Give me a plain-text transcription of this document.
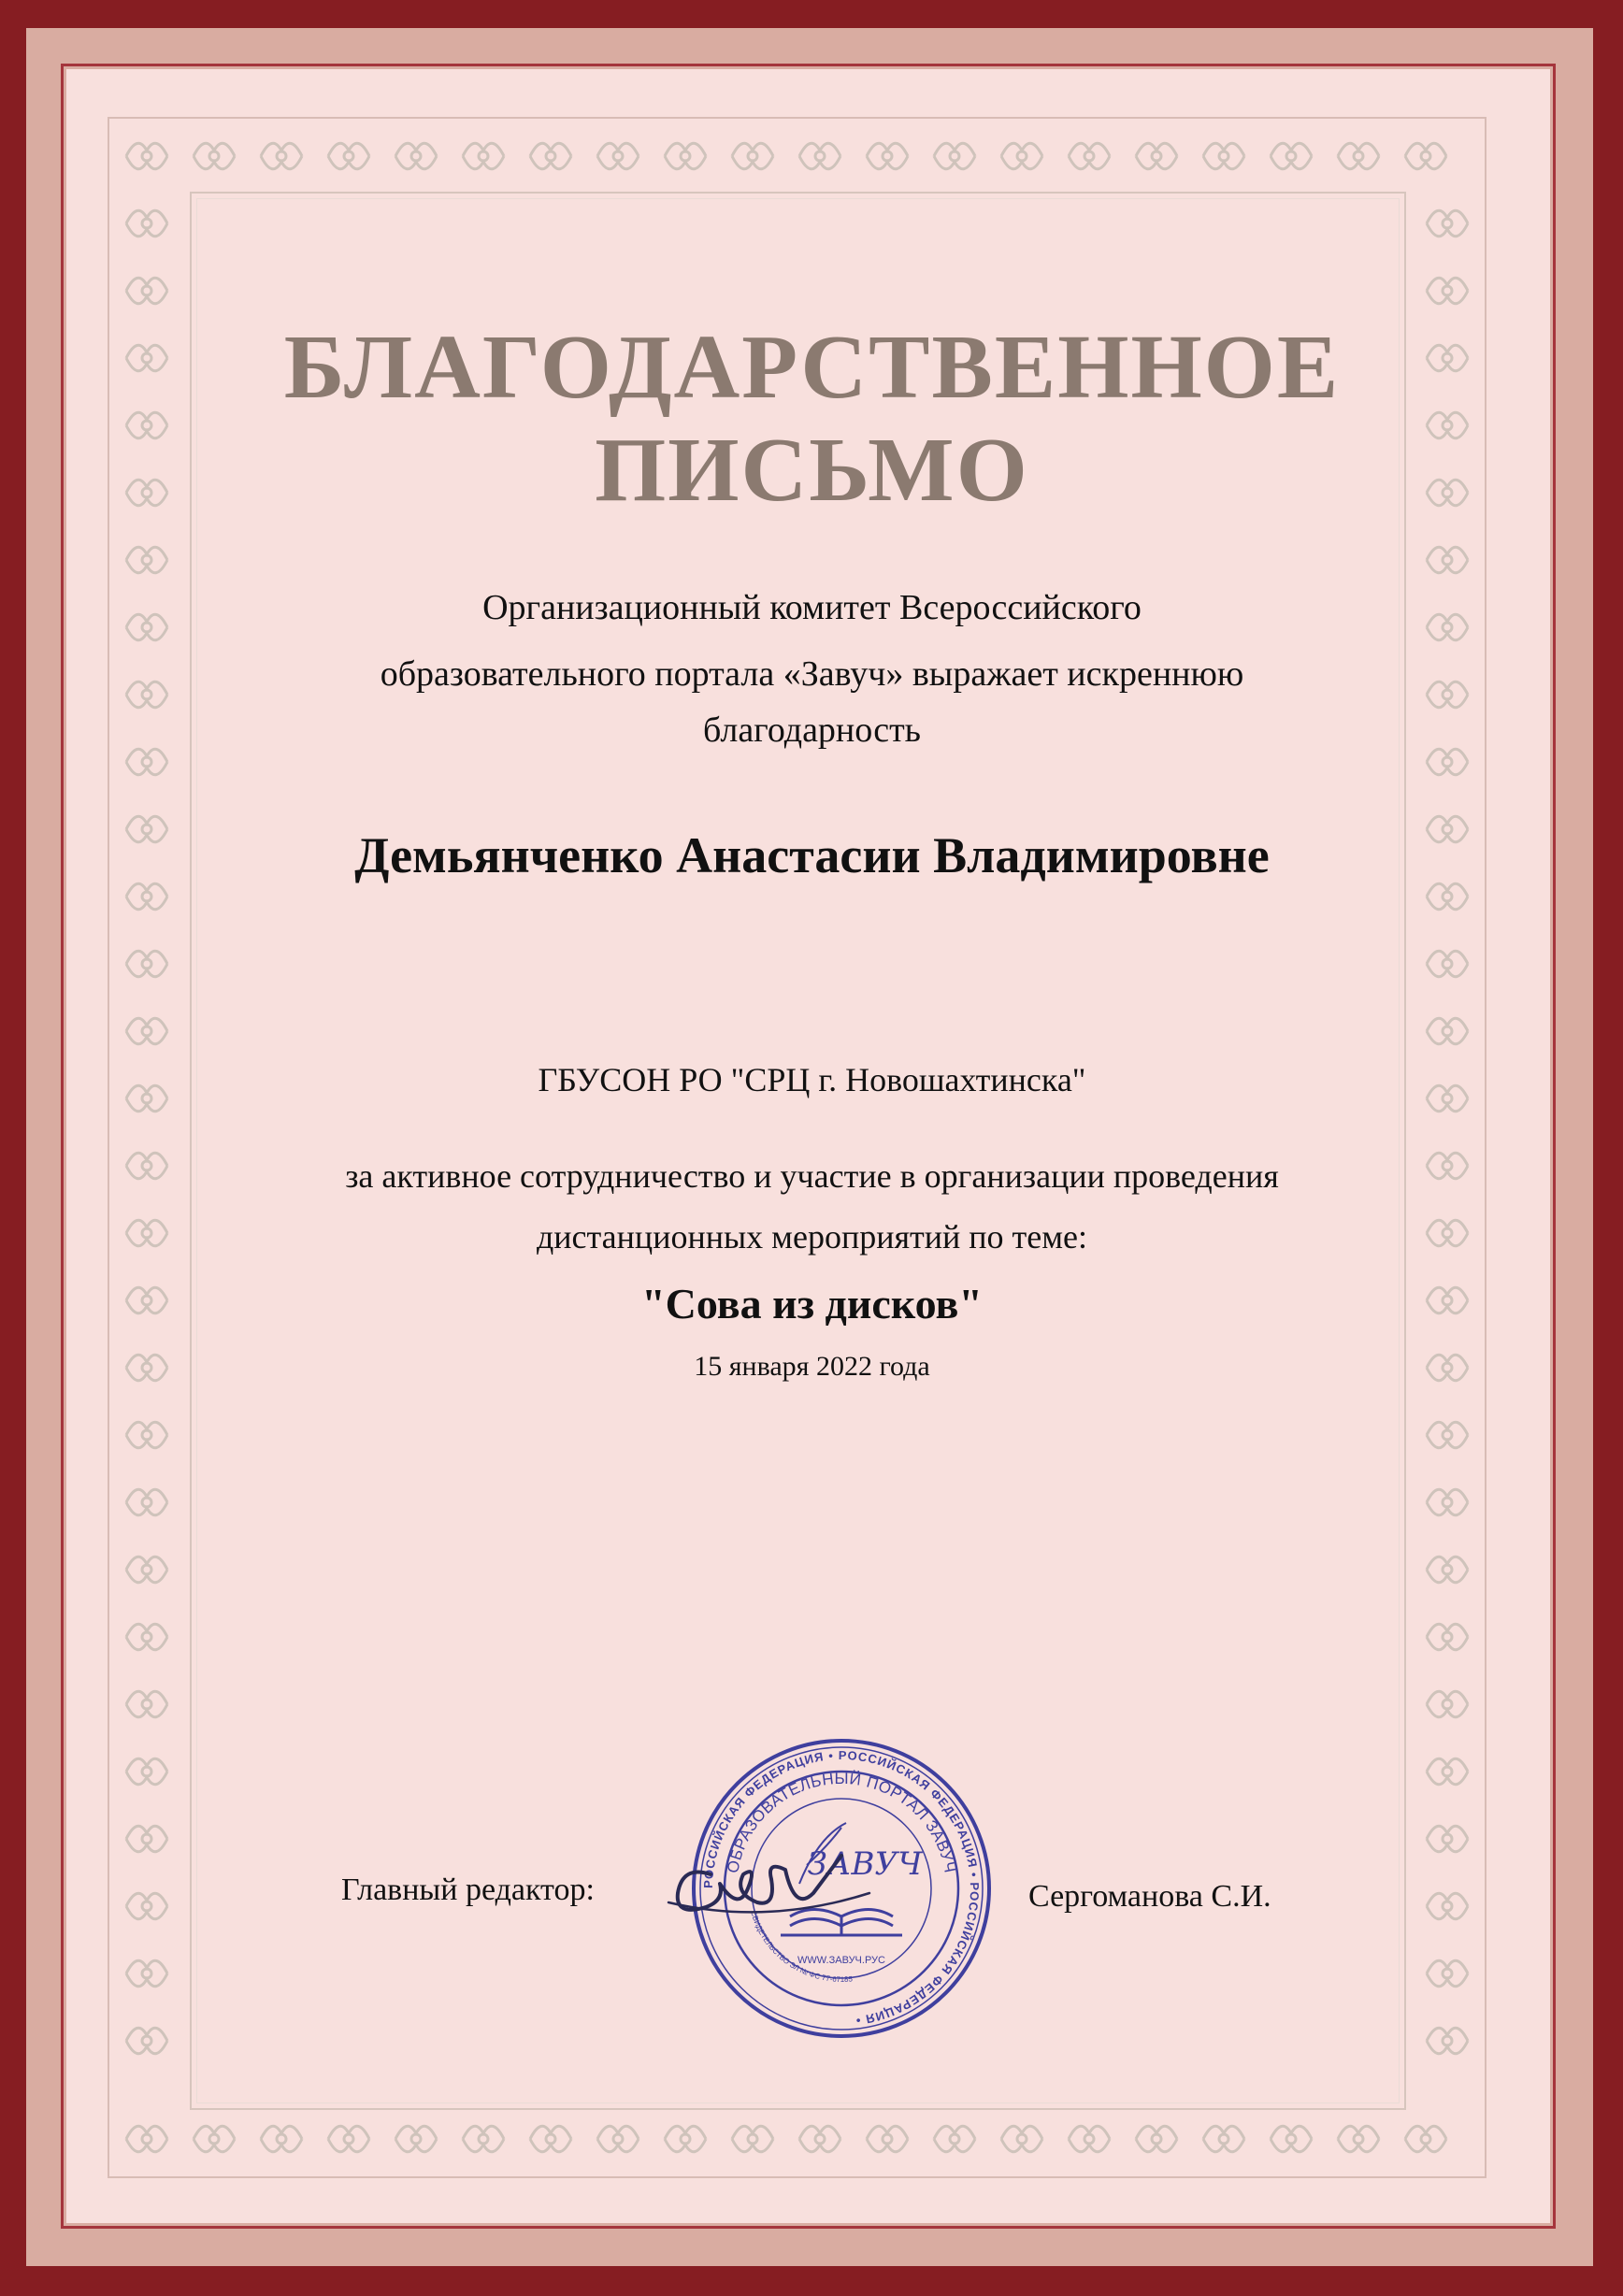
БЛАГОДАРСТВЕННОЕ
ПИСЬМО

Организационный комитет Всероссийского

образовательного портала «Завуч» выражает искреннюю

благодарность

Демьянченко Анастасии Владимировне

ГБУСОН РО "СРЦ г. Новошахтинска"

за активное сотрудничество и участие в организации проведения

дистанционных мероприятий по теме:

"Сова из дисков"

15 января 2022 года

Главный редактор:	Сергоманова С.И.
РОССИЙСКАЯ ФЕДЕРАЦИЯ • РОССИЙСКАЯ ФЕДЕРАЦИЯ • РОССИЙСКАЯ ФЕДЕРАЦИЯ •
ОБРАЗОВАТЕЛЬНЫЙ ПОРТАЛ ЗАВУЧ
СВИДЕТЕЛЬСТВО ЭЛ № ФС 77-67185
ЗАВУЧ
WWW.ЗАВУЧ.РУС
